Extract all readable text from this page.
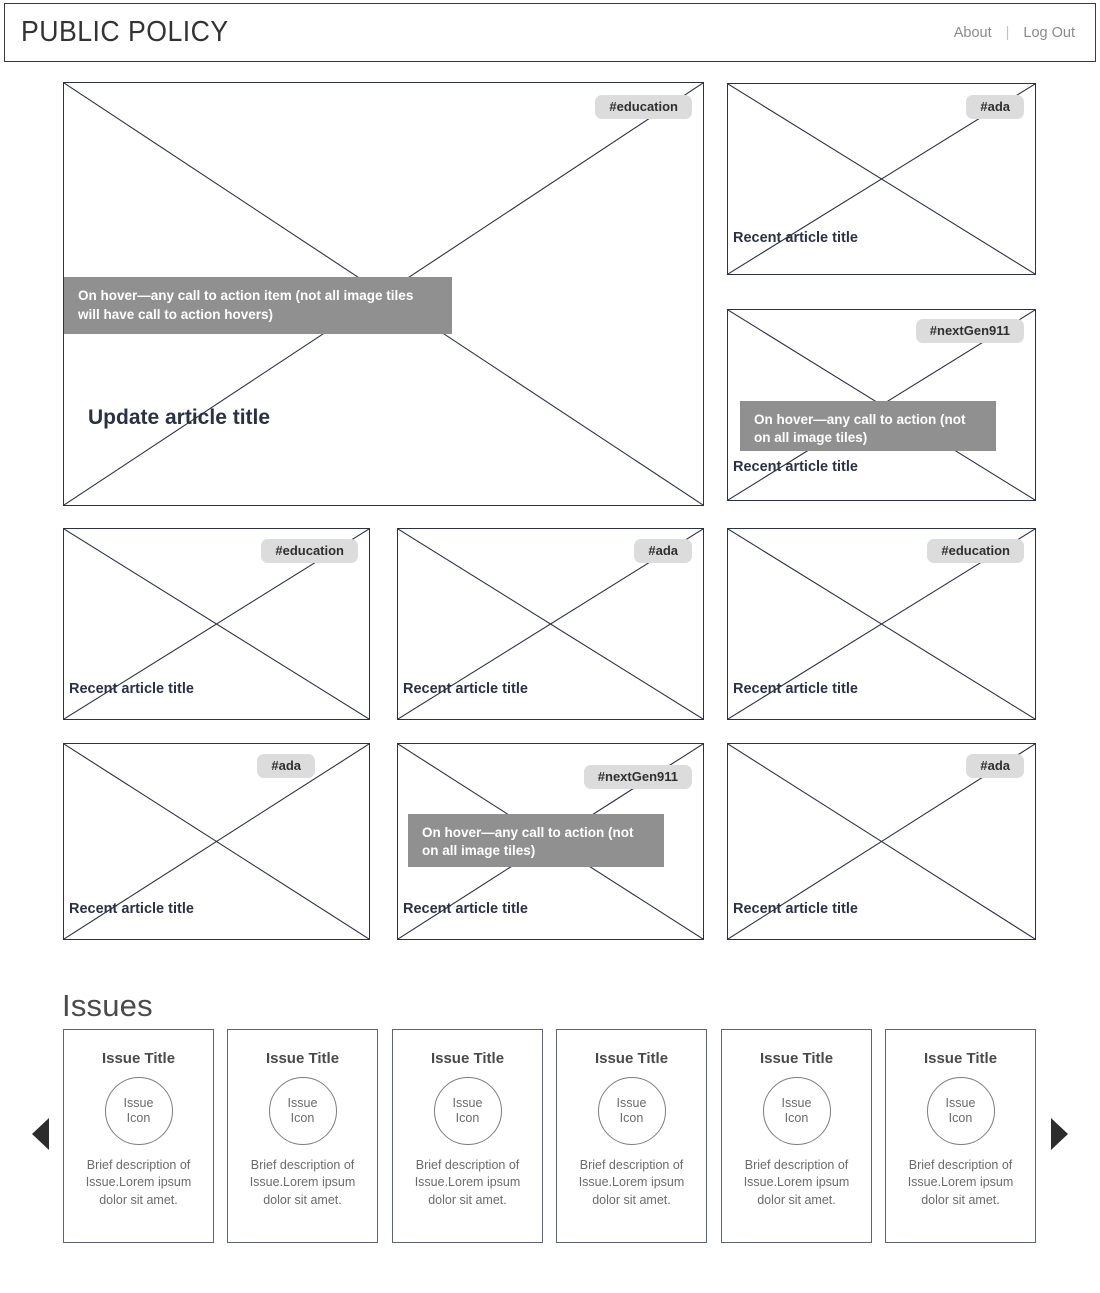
PUBLIC POLICY	About | Log Out
#education
On hover—any call to action item (not all image tiles will have call to action hovers)
Update article title
#ada
Recent article title
#nextGen911
On hover—any call to action (not on all image tiles)
Recent article title
#education
Recent article title
#ada
Recent article title
#education
Recent article title
#ada
Recent article title
#nextGen911
On hover—any call to action (not on all image tiles)
Recent article title
#ada
Recent article title
Issues
Issue Title
Issue
Icon
Brief description of Issue.Lorem ipsum dolor sit amet.
Issue Title
Issue
Icon
Brief description of Issue.Lorem ipsum dolor sit amet.
Issue Title
Issue
Icon
Brief description of Issue.Lorem ipsum dolor sit amet.
Issue Title
Issue
Icon
Brief description of Issue.Lorem ipsum dolor sit amet.
Issue Title
Issue
Icon
Brief description of Issue.Lorem ipsum dolor sit amet.
Issue Title
Issue
Icon
Brief description of Issue.Lorem ipsum dolor sit amet.
